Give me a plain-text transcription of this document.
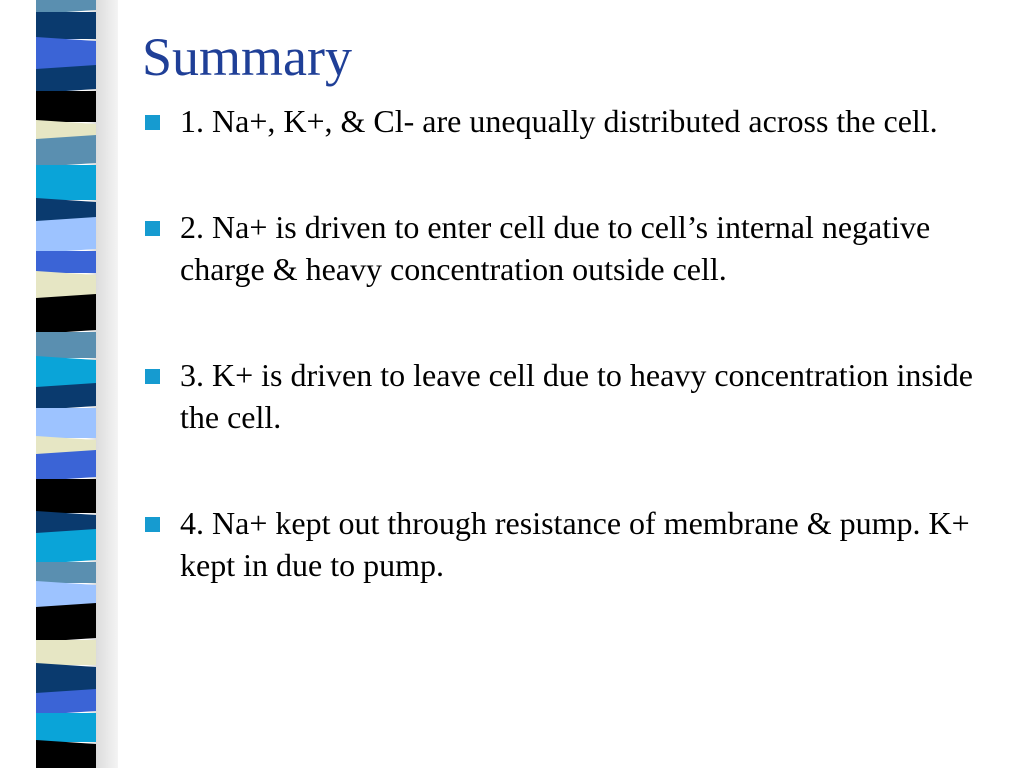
Summary
1. Na+, K+, & Cl- are unequally distributed across the cell.
2. Na+ is driven to enter cell due to cell’s internal negative charge & heavy concentration outside cell.
3. K+ is driven to leave cell due to heavy concentration inside the cell.
4. Na+ kept out through resistance of membrane & pump. K+ kept in due to pump.
